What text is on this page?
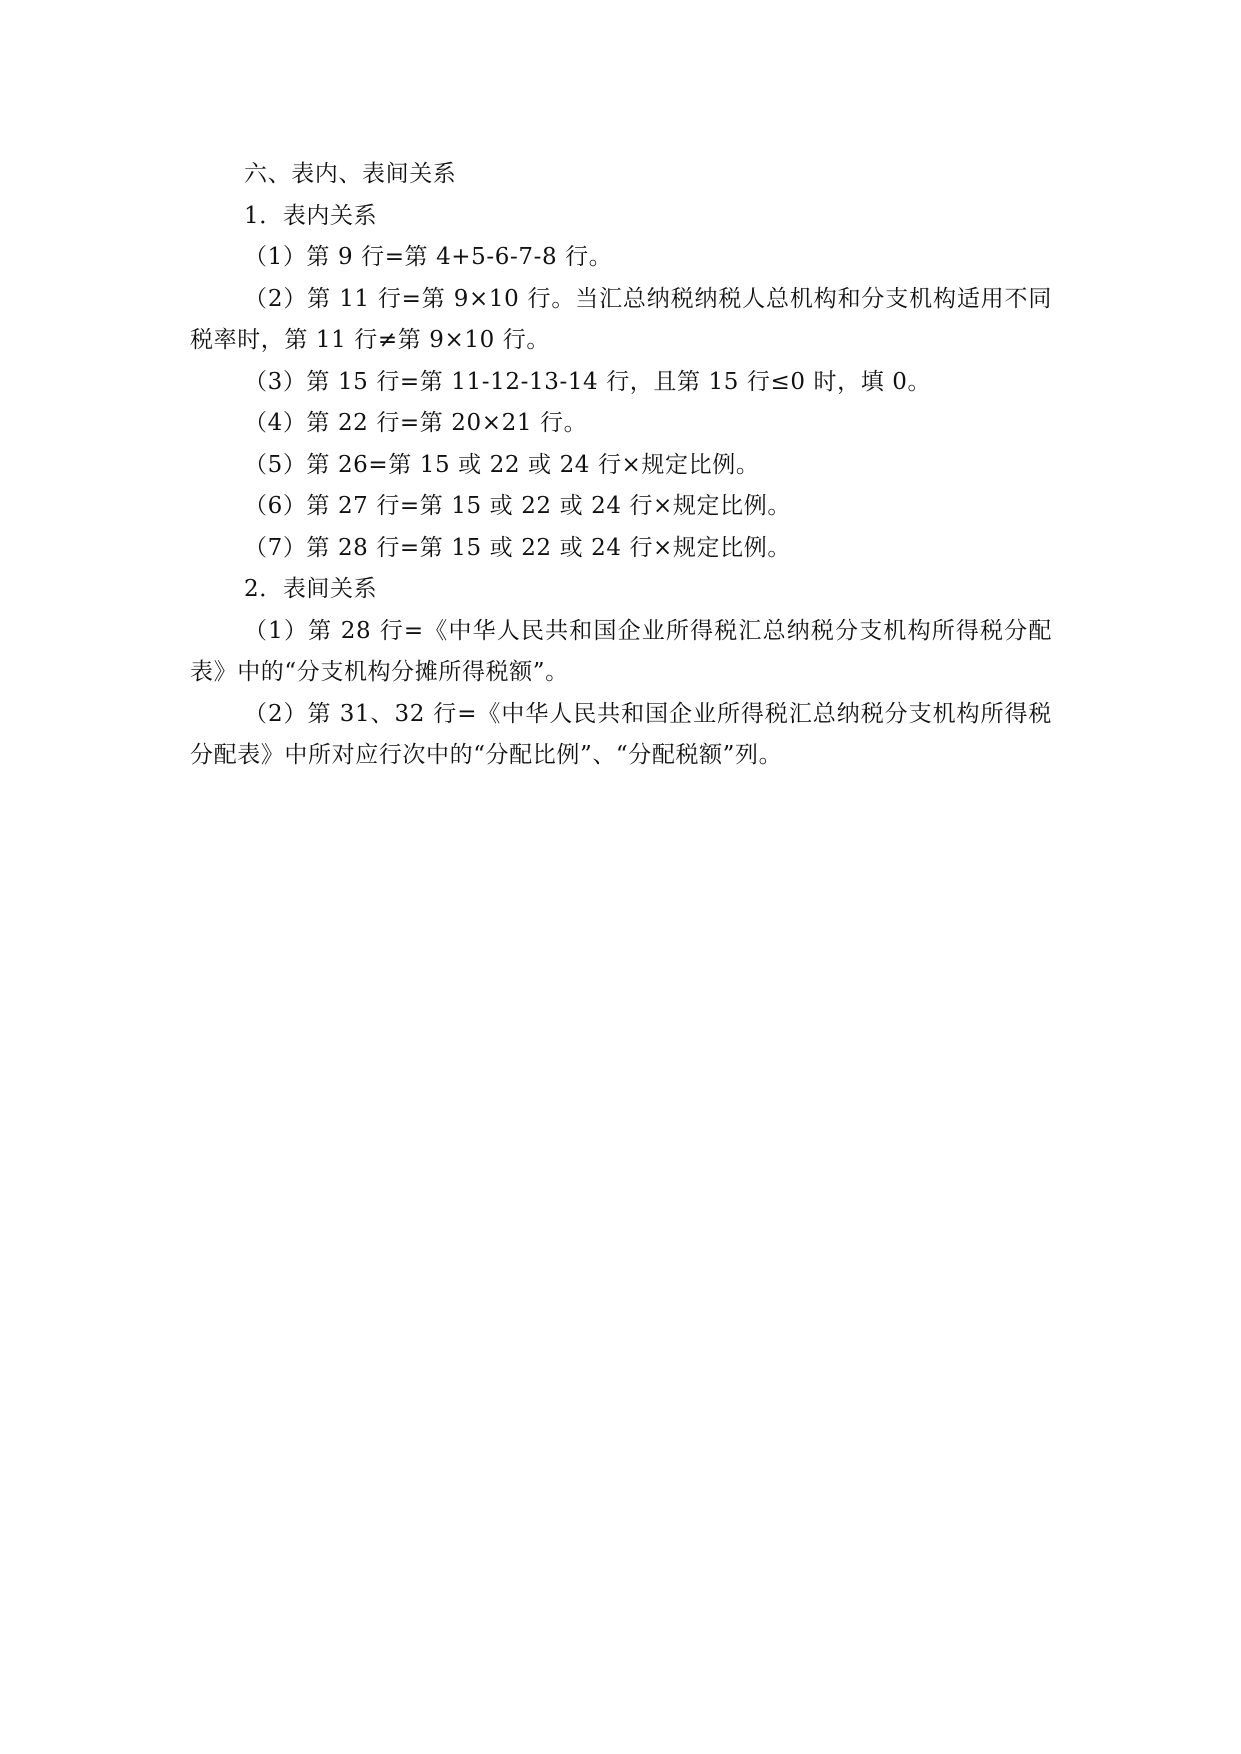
六、表内、表间关系

1．表内关系

（1）第 9 行=第 4+5-6-7-8 行。

（2）第 11 行=第 9×10 行。当汇总纳税纳税人总机构和分支机构适用不同税率时，第 11 行≠第 9×10 行。

（3）第 15 行=第 11-12-13-14 行，且第 15 行≤0 时，填 0。

（4）第 22 行=第 20×21 行。

（5）第 26=第 15 或 22 或 24 行×规定比例。

（6）第 27 行=第 15 或 22 或 24 行×规定比例。

（7）第 28 行=第 15 或 22 或 24 行×规定比例。

2．表间关系

（1）第 28 行=《中华人民共和国企业所得税汇总纳税分支机构所得税分配表》中的“分支机构分摊所得税额”。

（2）第 31、32 行=《中华人民共和国企业所得税汇总纳税分支机构所得税分配表》中所对应行次中的“分配比例”、“分配税额”列。
